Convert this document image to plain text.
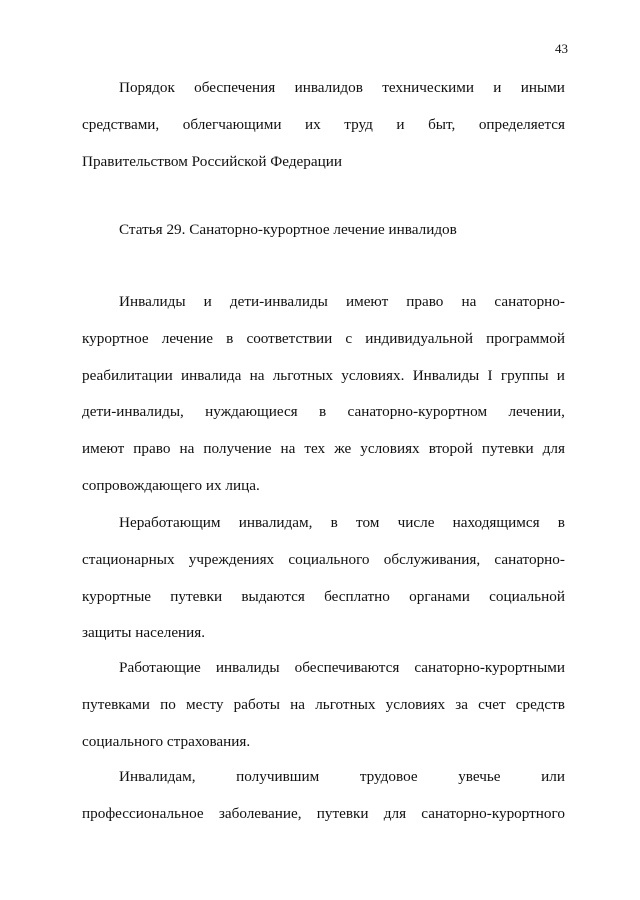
43
Порядок обеспечения инвалидов техническими и иными
средствами, облегчающими их труд и быт, определяется
Правительством Российской Федерации
Статья 29. Санаторно-курортное лечение инвалидов
Инвалиды и дети-инвалиды имеют право на санаторно-
курортное лечение в соответствии с индивидуальной программой
реабилитации инвалида на льготных условиях. Инвалиды I группы и
дети-инвалиды, нуждающиеся в санаторно-курортном лечении,
имеют право на получение на тех же условиях второй путевки для
сопровождающего их лица.
Неработающим инвалидам, в том числе находящимся в
стационарных учреждениях социального обслуживания, санаторно-
курортные путевки выдаются бесплатно органами социальной
защиты населения.
Работающие инвалиды обеспечиваются санаторно-курортными
путевками по месту работы на льготных условиях за счет средств
социального страхования.
Инвалидам,	получившим	трудовое	увечье	или
профессиональное заболевание, путевки для санаторно-курортного
